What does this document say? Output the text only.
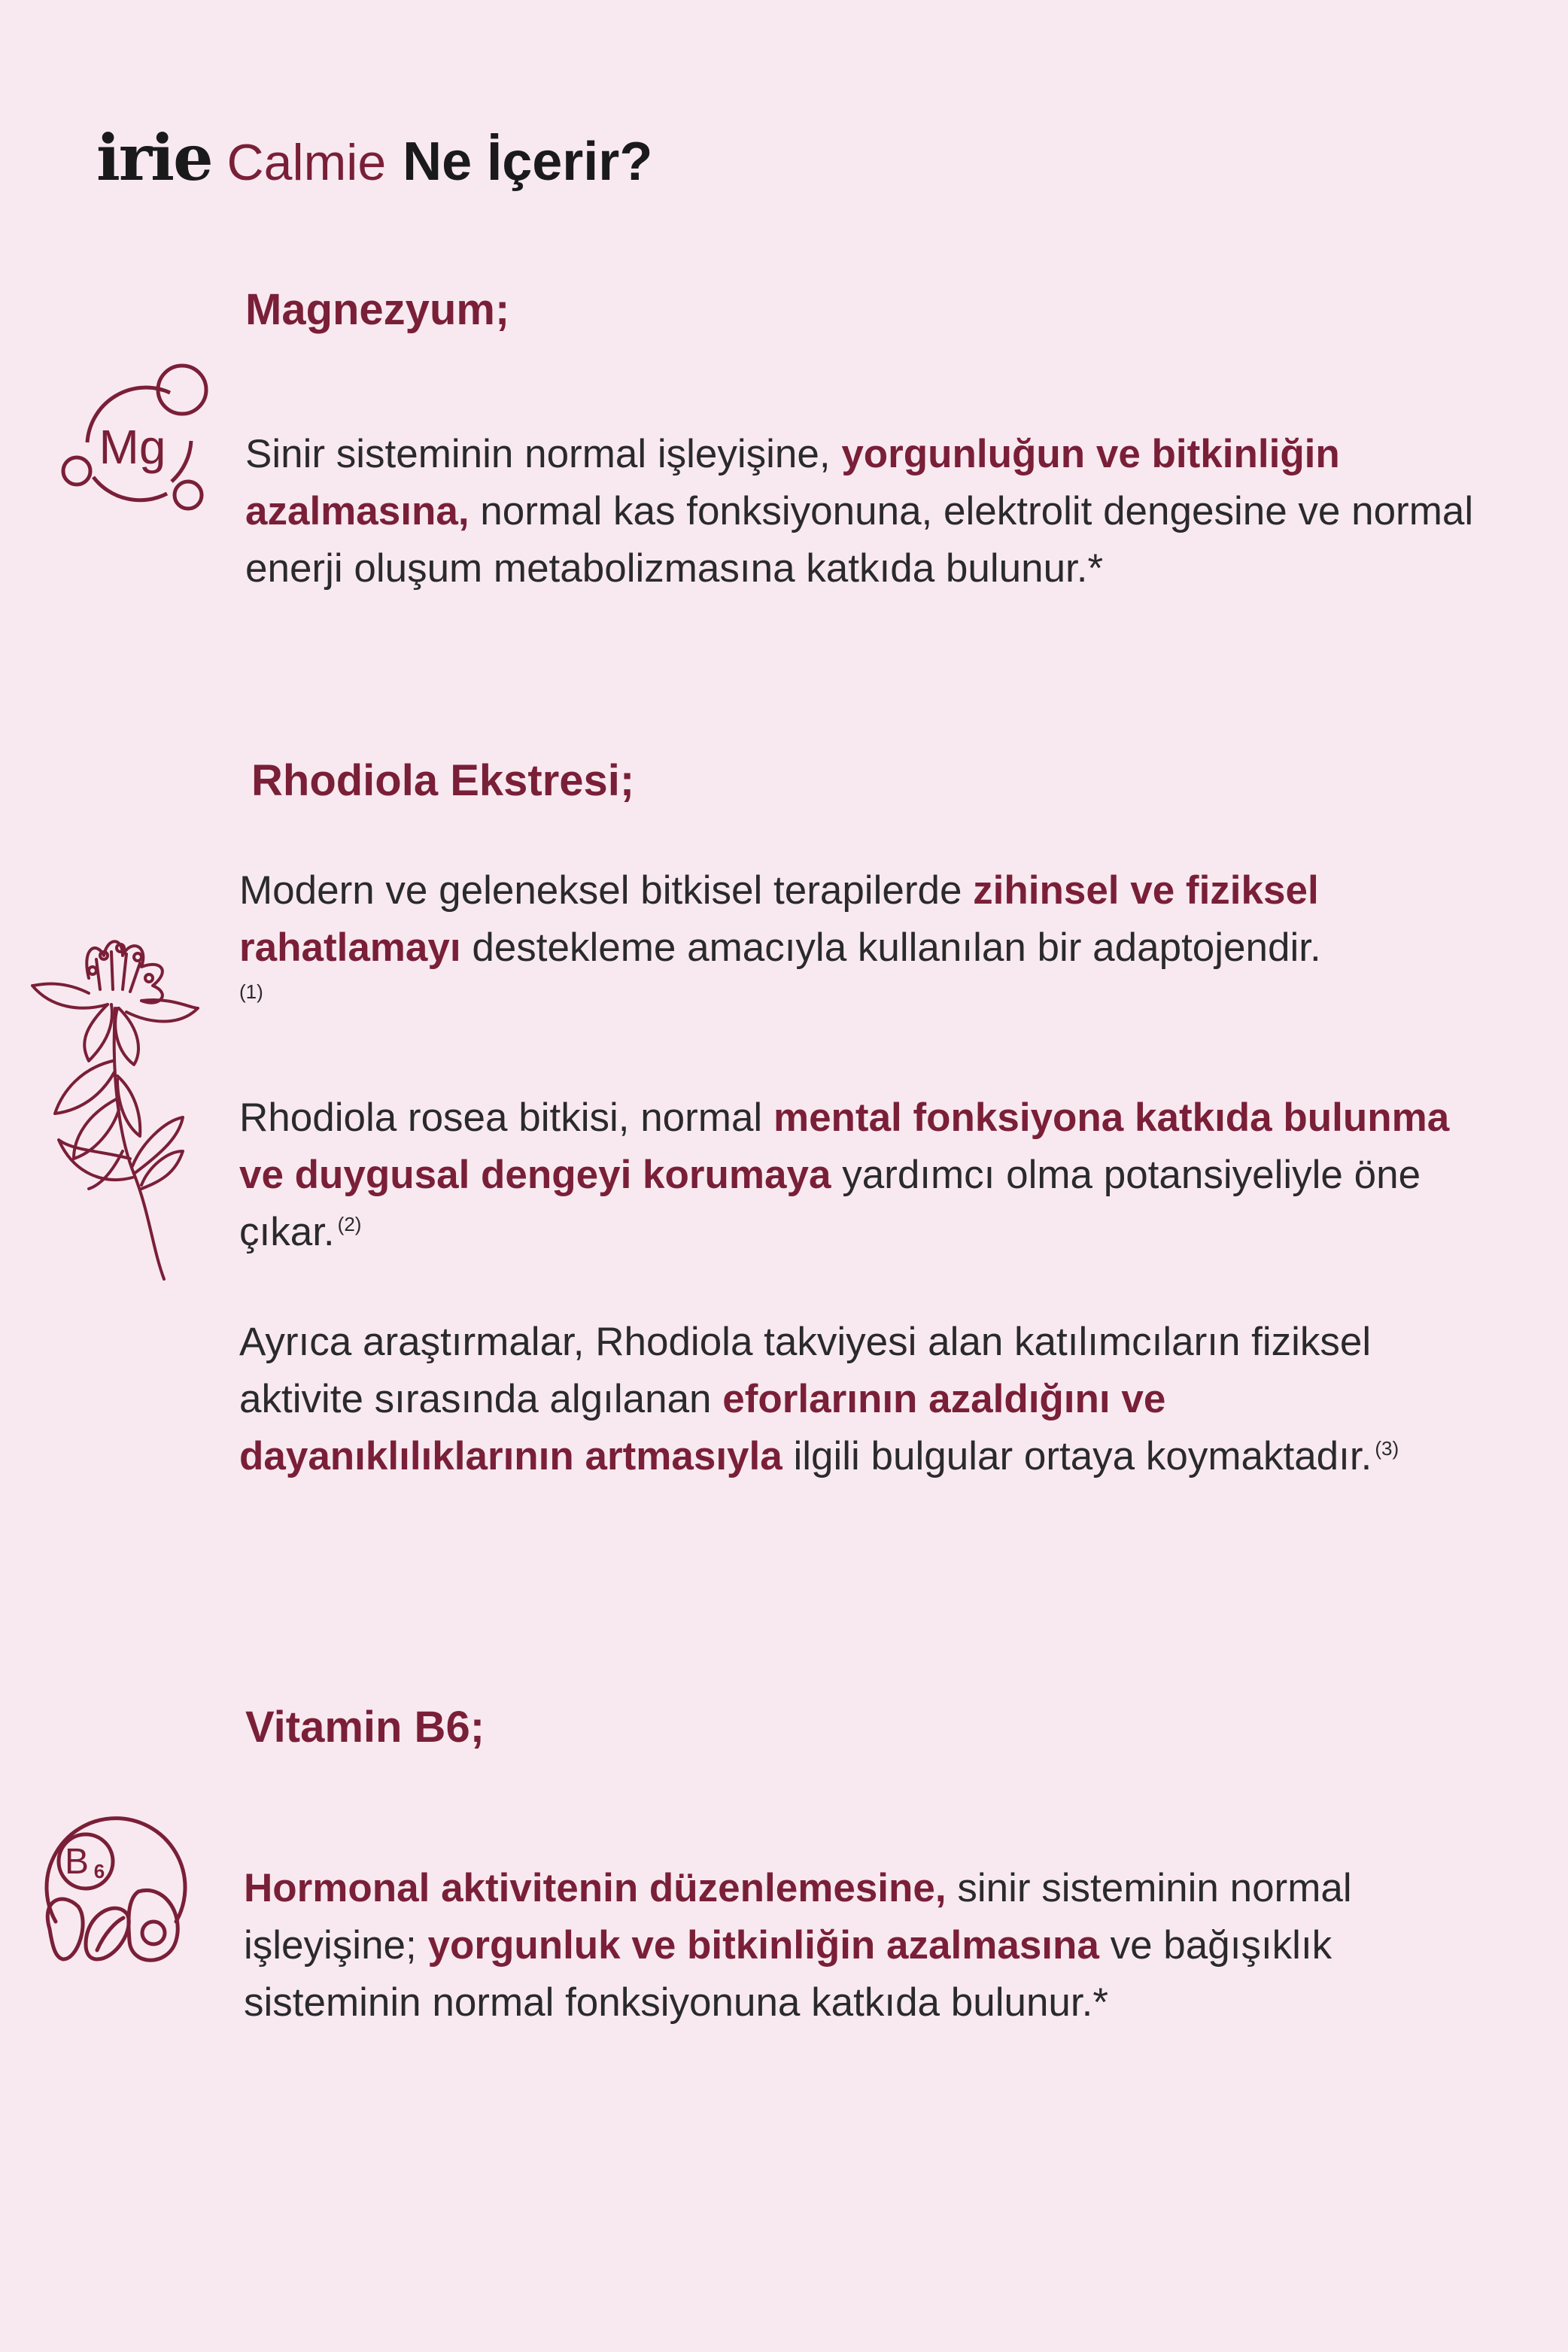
irie Calmie Ne İçerir?
Magnezyum;
Mg Sinir sisteminin normal işleyişine, yorgunluğun ve bitkinliğin azalmasına, normal kas fonksiyonuna, elektrolit dengesine ve normal enerji oluşum metabolizmasına katkıda bulunur.*
Rhodiola Ekstresi;
Modern ve geleneksel bitkisel terapilerde zihinsel ve fiziksel rahatlamayı destekleme amacıyla kullanılan bir adaptojendir.
(1)
Rhodiola rosea bitkisi, normal mental fonksiyona katkıda bulunma ve duygusal dengeyi korumaya yardımcı olma potansiyeliyle öne çıkar. $^{(2)}$
Ayrıca araştırmalar, Rhodiola takviyesi alan katılımcıların fiziksel aktivite sırasında algılanan eforlarının azaldığını ve dayanıklılıklarının artmasıyla ilgili bulgular ortaya koymaktadır. $^{(3)}$
Vitamin B6;
B 6	Hormonal aktivitenin düzenlemesine, sinir sisteminin normal işleyişine; yorgunluk ve bitkinliğin azalmasına ve bağışıklık sisteminin normal fonksiyonuna katkıda bulunur.*
